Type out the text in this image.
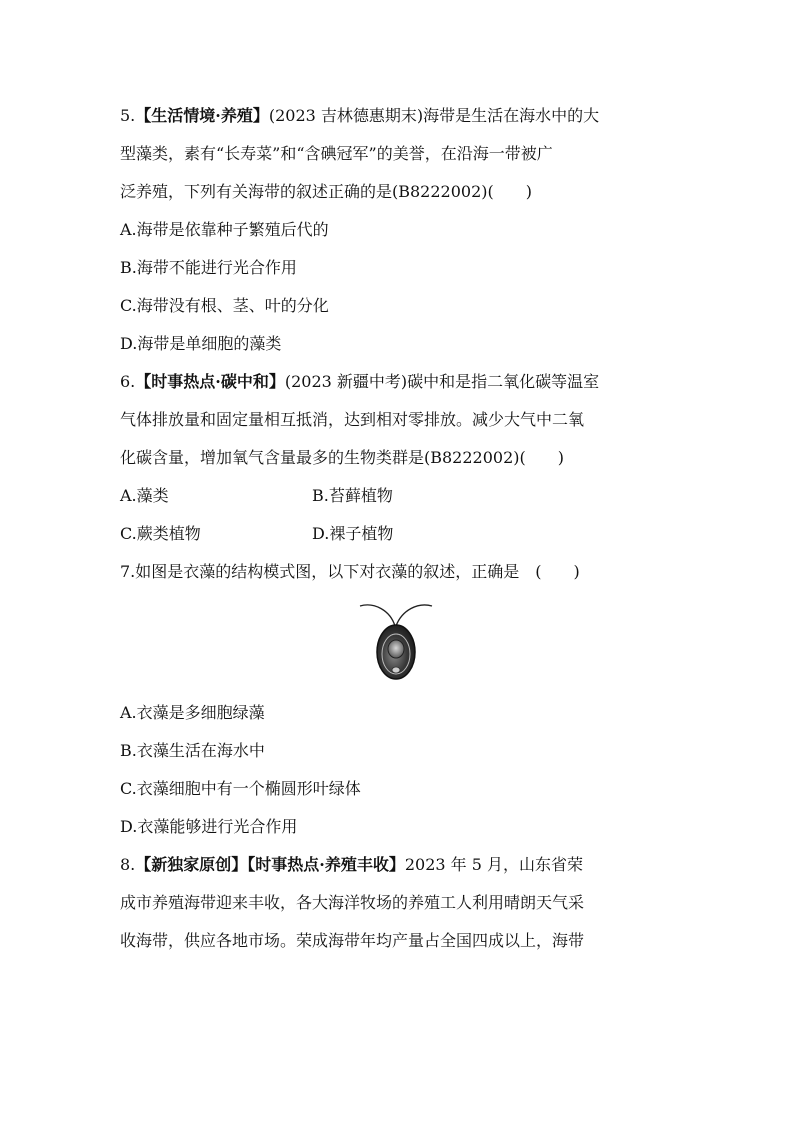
5.【生活情境·养殖】(2023 吉林德惠期末)海带是生活在海水中的大
型藻类，素有“长寿菜”和“含碘冠军”的美誉，在沿海一带被广
泛养殖，下列有关海带的叙述正确的是(B8222002)(　　)
A.海带是依靠种子繁殖后代的
B.海带不能进行光合作用
C.海带没有根、茎、叶的分化
D.海带是单细胞的藻类
6.【时事热点·碳中和】(2023 新疆中考)碳中和是指二氧化碳等温室
气体排放量和固定量相互抵消，达到相对零排放。减少大气中二氧
化碳含量，增加氧气含量最多的生物类群是(B8222002)(　　)
A.藻类	B.苔藓植物
C.蕨类植物	D.裸子植物
7.如图是衣藻的结构模式图，以下对衣藻的叙述，正确是　(　　)
A.衣藻是多细胞绿藻
B.衣藻生活在海水中
C.衣藻细胞中有一个椭圆形叶绿体
D.衣藻能够进行光合作用
8.【新独家原创】【时事热点·养殖丰收】2023 年 5 月，山东省荣
成市养殖海带迎来丰收，各大海洋牧场的养殖工人利用晴朗天气采
收海带，供应各地市场。荣成海带年均产量占全国四成以上，海带
